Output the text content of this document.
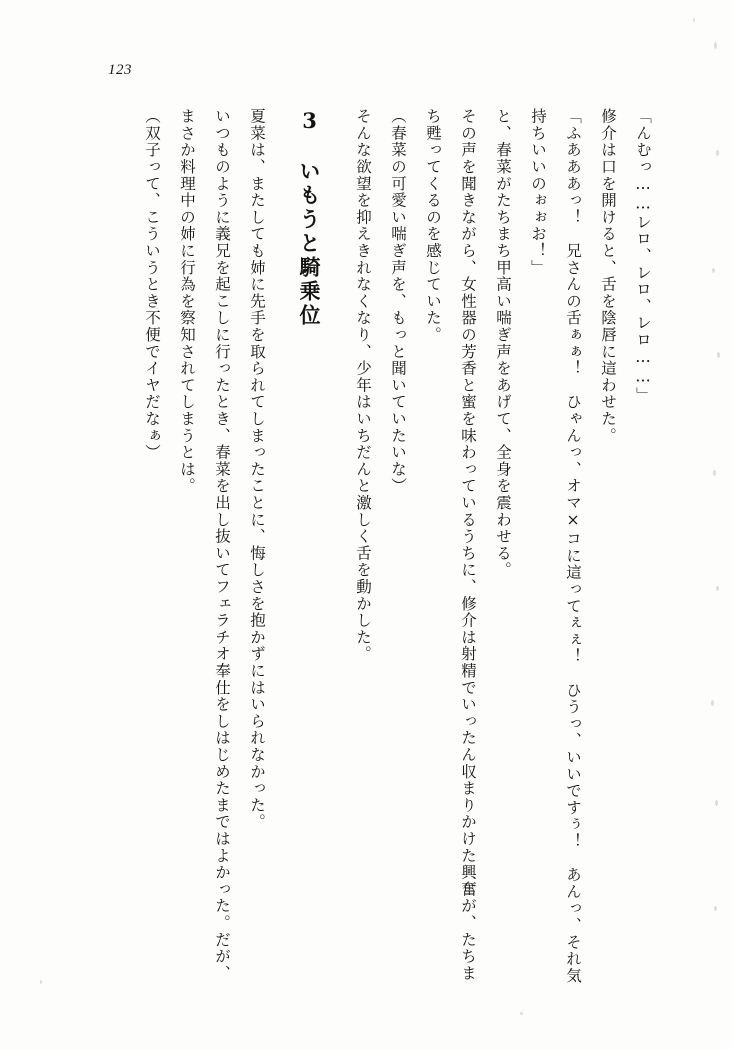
123

「んむっ……レロ、レロ、レロ……」

修介は口を開けると、舌を陰唇に這わせた。

「ふあああっ！　兄さんの舌ぁぁ！　ひゃんっ、オマ×コに這ってぇぇ！　ひうっ、いいですぅ！　あんっ、それ気持ちいいのぉぉお！」

と、春菜がたちまち甲高い喘ぎ声をあげて、全身を震わせる。

その声を聞きながら、女性器の芳香と蜜を味わっているうちに、修介は射精でいったん収まりかけた興奮が、たちまち甦ってくるのを感じていた。

（春菜の可愛い喘ぎ声を、もっと聞いていたいな）

そんな欲望を抑えきれなくなり、少年はいちだんと激しく舌を動かした。

3　いもうと騎乗位

夏菜は、またしても姉に先手を取られてしまったことに、悔しさを抱かずにはいられなかった。

いつものように義兄を起こしに行ったとき、春菜を出し抜いてフェラチオ奉仕をしはじめたまではよかった。だが、まさか料理中の姉に行為を察知されてしまうとは。

（双子って、こういうとき不便でイヤだなぁ）
